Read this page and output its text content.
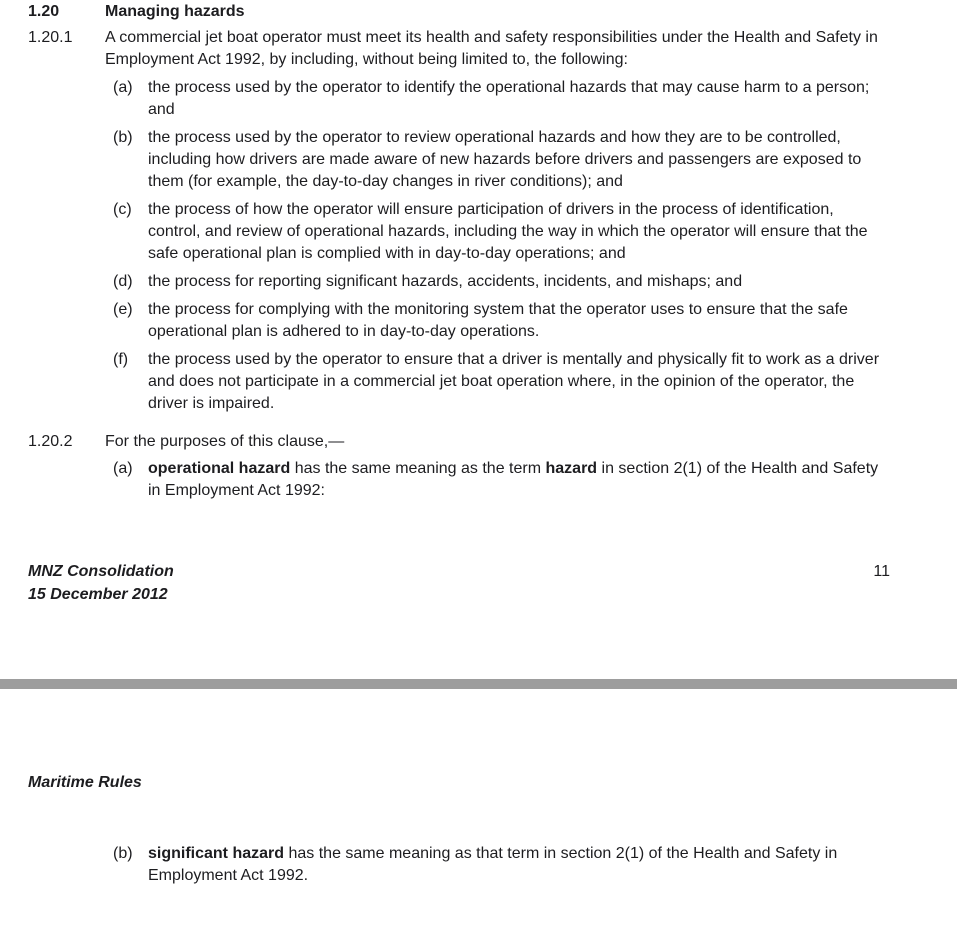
1.20	Managing hazards
1.20.1	A commercial jet boat operator must meet its health and safety responsibilities under the Health and Safety in Employment Act 1992, by including, without being limited to, the following:
(a) the process used by the operator to identify the operational hazards that may cause harm to a person; and
(b) the process used by the operator to review operational hazards and how they are to be controlled, including how drivers are made aware of new hazards before drivers and passengers are exposed to them (for example, the day-to-day changes in river conditions); and
(c)	the process of how the operator will ensure participation of drivers in the process of identification, control, and review of operational hazards, including the way in which the operator will ensure that the safe operational plan is complied with in day-to-day operations; and
(d) the process for reporting significant hazards, accidents, incidents, and mishaps; and
(e) the process for complying with the monitoring system that the operator uses to ensure that the safe operational plan is adhered to in day-to-day operations.
(f)	the process used by the operator to ensure that a driver is mentally and physically fit to work as a driver and does not participate in a commercial jet boat operation where, in the opinion of the operator, the driver is impaired.
1.20.2	For the purposes of this clause,—
(a) operational hazard has the same meaning as the term hazard in section 2(1) of the Health and Safety in Employment Act 1992:
MNZ Consolidation
15 December 2012
11
Maritime Rules
(b) significant hazard has the same meaning as that term in section 2(1) of the Health and Safety in Employment Act 1992.
